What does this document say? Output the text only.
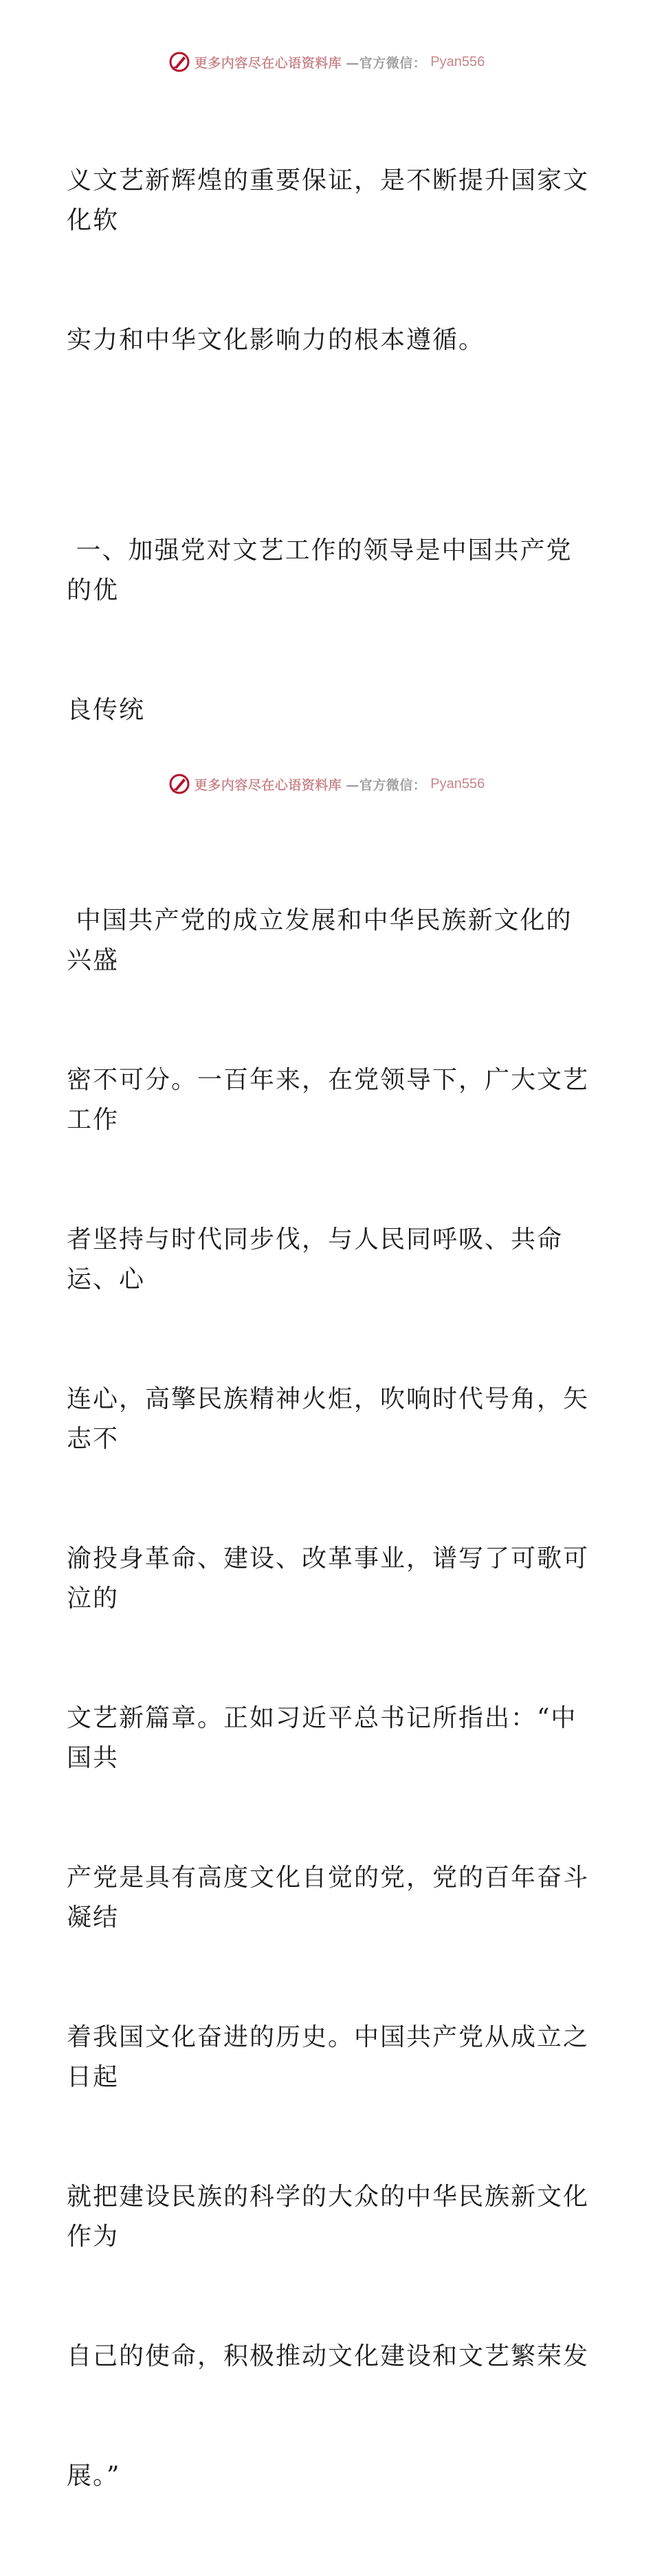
更多内容尽在心语资料库 —官方微信： Pyan556

义文艺新辉煌的重要保证，是不断提升国家文化软

实力和中华文化影响力的根本遵循。

一、加强党对文艺工作的领导是中国共产党的优

良传统

中国共产党的成立发展和中华民族新文化的兴盛

密不可分。一百年来，在党领导下，广大文艺工作

者坚持与时代同步伐，与人民同呼吸、共命运、心

连心，高擎民族精神火炬，吹响时代号角，矢志不

渝投身革命、建设、改革事业，谱写了可歌可泣的

文艺新篇章。正如习近平总书记所指出：“中国共

产党是具有高度文化自觉的党，党的百年奋斗凝结

着我国文化奋进的历史。中国共产党从成立之日起

就把建设民族的科学的大众的中华民族新文化作为

自己的使命，积极推动文化建设和文艺繁荣发

展。”

更多内容尽在心语资料库 —官方微信： Pyan556
